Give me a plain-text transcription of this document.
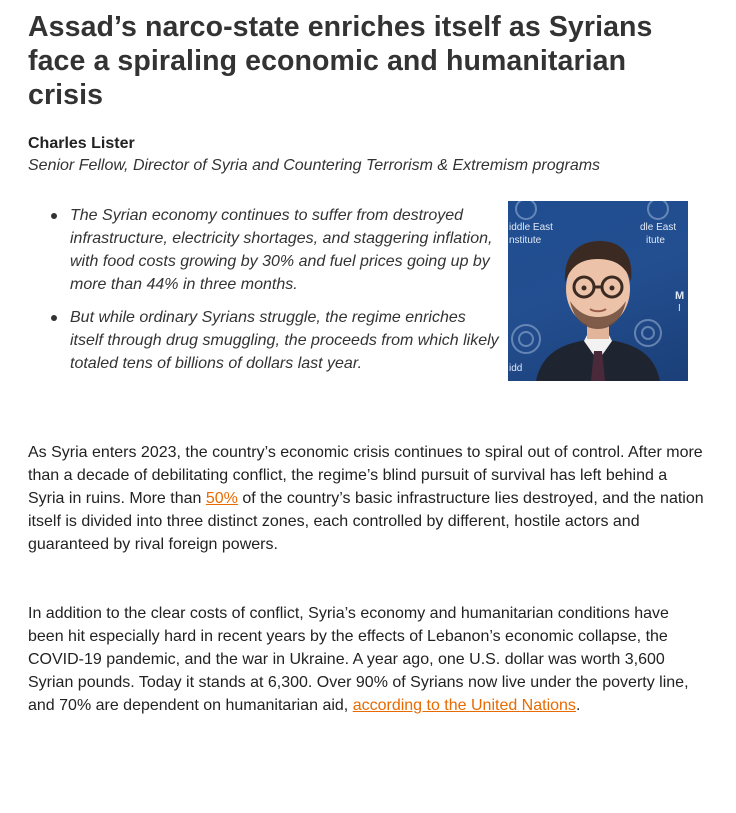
Assad’s narco-state enriches itself as Syrians face a spiraling economic and humanitarian crisis
Charles Lister
Senior Fellow, Director of Syria and Countering Terrorism & Extremism programs
The Syrian economy continues to suffer from destroyed infrastructure, electricity shortages, and staggering inflation, with food costs growing by 30% and fuel prices going up by more than 44% in three months.
But while ordinary Syrians struggle, the regime enriches itself through drug smuggling, the proceeds from which likely totaled tens of billions of dollars last year.
iddle East
nstitute
dle East
itute
M
I
idd

As Syria enters 2023, the country’s economic crisis continues to spiral out of control. After more than a decade of debilitating conflict, the regime’s blind pursuit of survival has left behind a Syria in ruins. More than 50% of the country’s basic infrastructure lies destroyed, and the nation itself is divided into three distinct zones, each controlled by different, hostile actors and guaranteed by rival foreign powers.

In addition to the clear costs of conflict, Syria’s economy and humanitarian conditions have been hit especially hard in recent years by the effects of Lebanon’s economic collapse, the COVID-19 pandemic, and the war in Ukraine. A year ago, one U.S. dollar was worth 3,600 Syrian pounds. Today it stands at 6,300. Over 90% of Syrians now live under the poverty line, and 70% are dependent on humanitarian aid, according to the United Nations.
